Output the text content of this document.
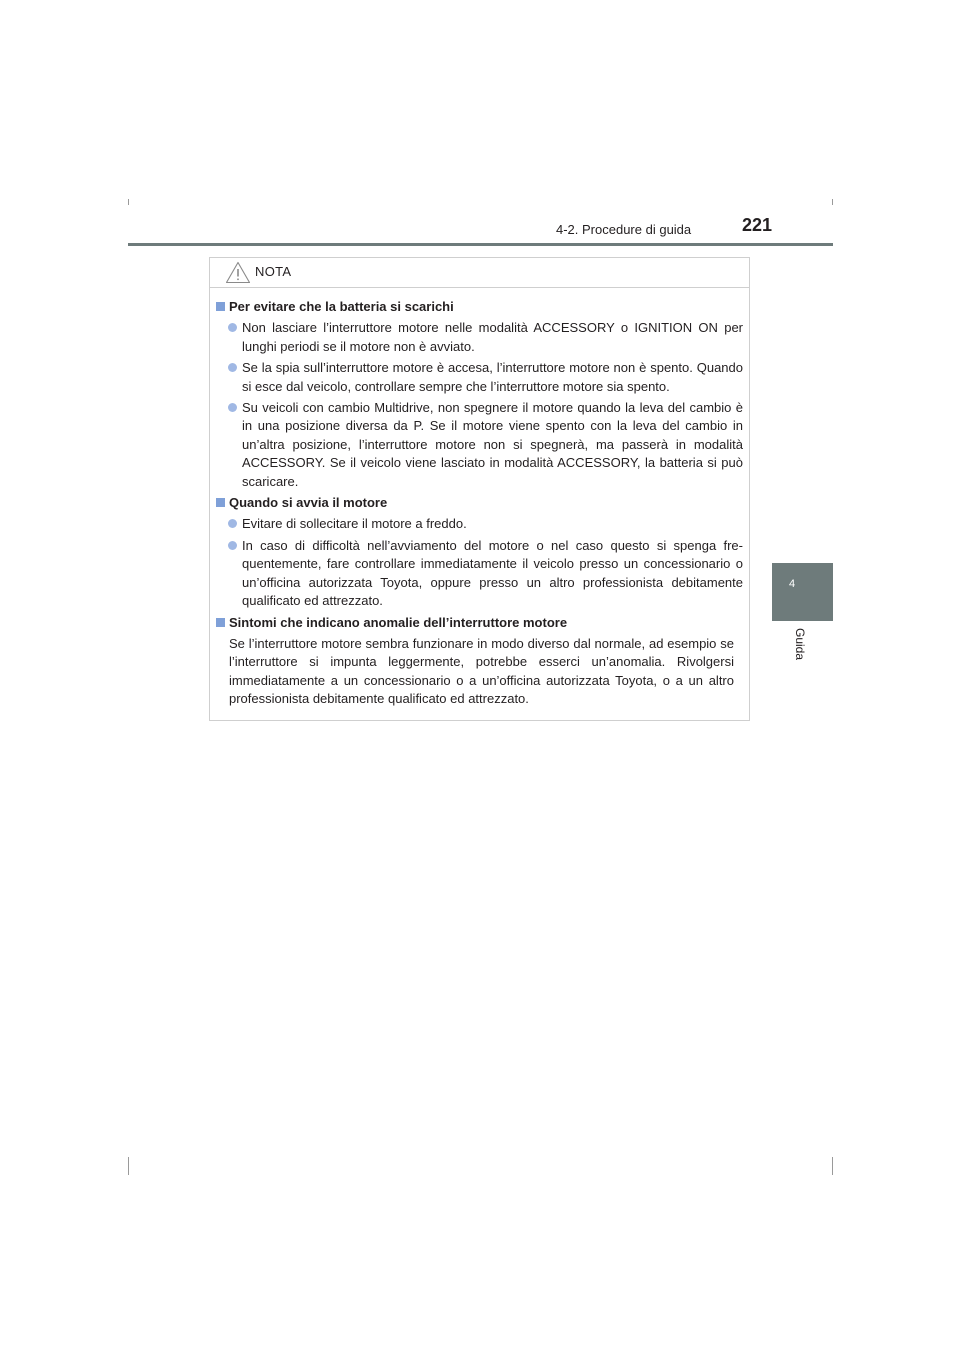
4-2. Procedure di guida	221
4
Guida
NOTA
Per evitare che la batteria si scarichi
Non lasciare l’interruttore motore nelle modalità ACCESSORY o IGNITION ON per lunghi periodi se il motore non è avviato.
Se la spia sull’interruttore motore è accesa, l’interruttore motore non è spento. Quando si esce dal veicolo, controllare sempre che l’interruttore motore sia spento.
Su veicoli con cambio Multidrive, non spegnere il motore quando la leva del cambio è in una posizione diversa da P. Se il motore viene spento con la leva del cambio in un’altra posizione, l’interruttore motore non si spegnerà, ma passerà in modalità ACCESSORY. Se il veicolo viene lasciato in modalità ACCESSORY, la batteria si può scaricare.
Quando si avvia il motore
Evitare di sollecitare il motore a freddo.
In caso di difficoltà nell’avviamento del motore o nel caso questo si spenga fre- quentemente, fare controllare immediatamente il veicolo presso un concessionario o un’officina autorizzata Toyota, oppure presso un altro professionista debitamente qualificato ed attrezzato.
Sintomi che indicano anomalie dell’interruttore motore
Se l’interruttore motore sembra funzionare in modo diverso dal normale, ad esempio se l’interruttore si impunta leggermente, potrebbe esserci un’anomalia. Rivolgersi immediatamente a un concessionario o a un’officina autorizzata Toyota, o a un altro professionista debitamente qualificato ed attrezzato.
